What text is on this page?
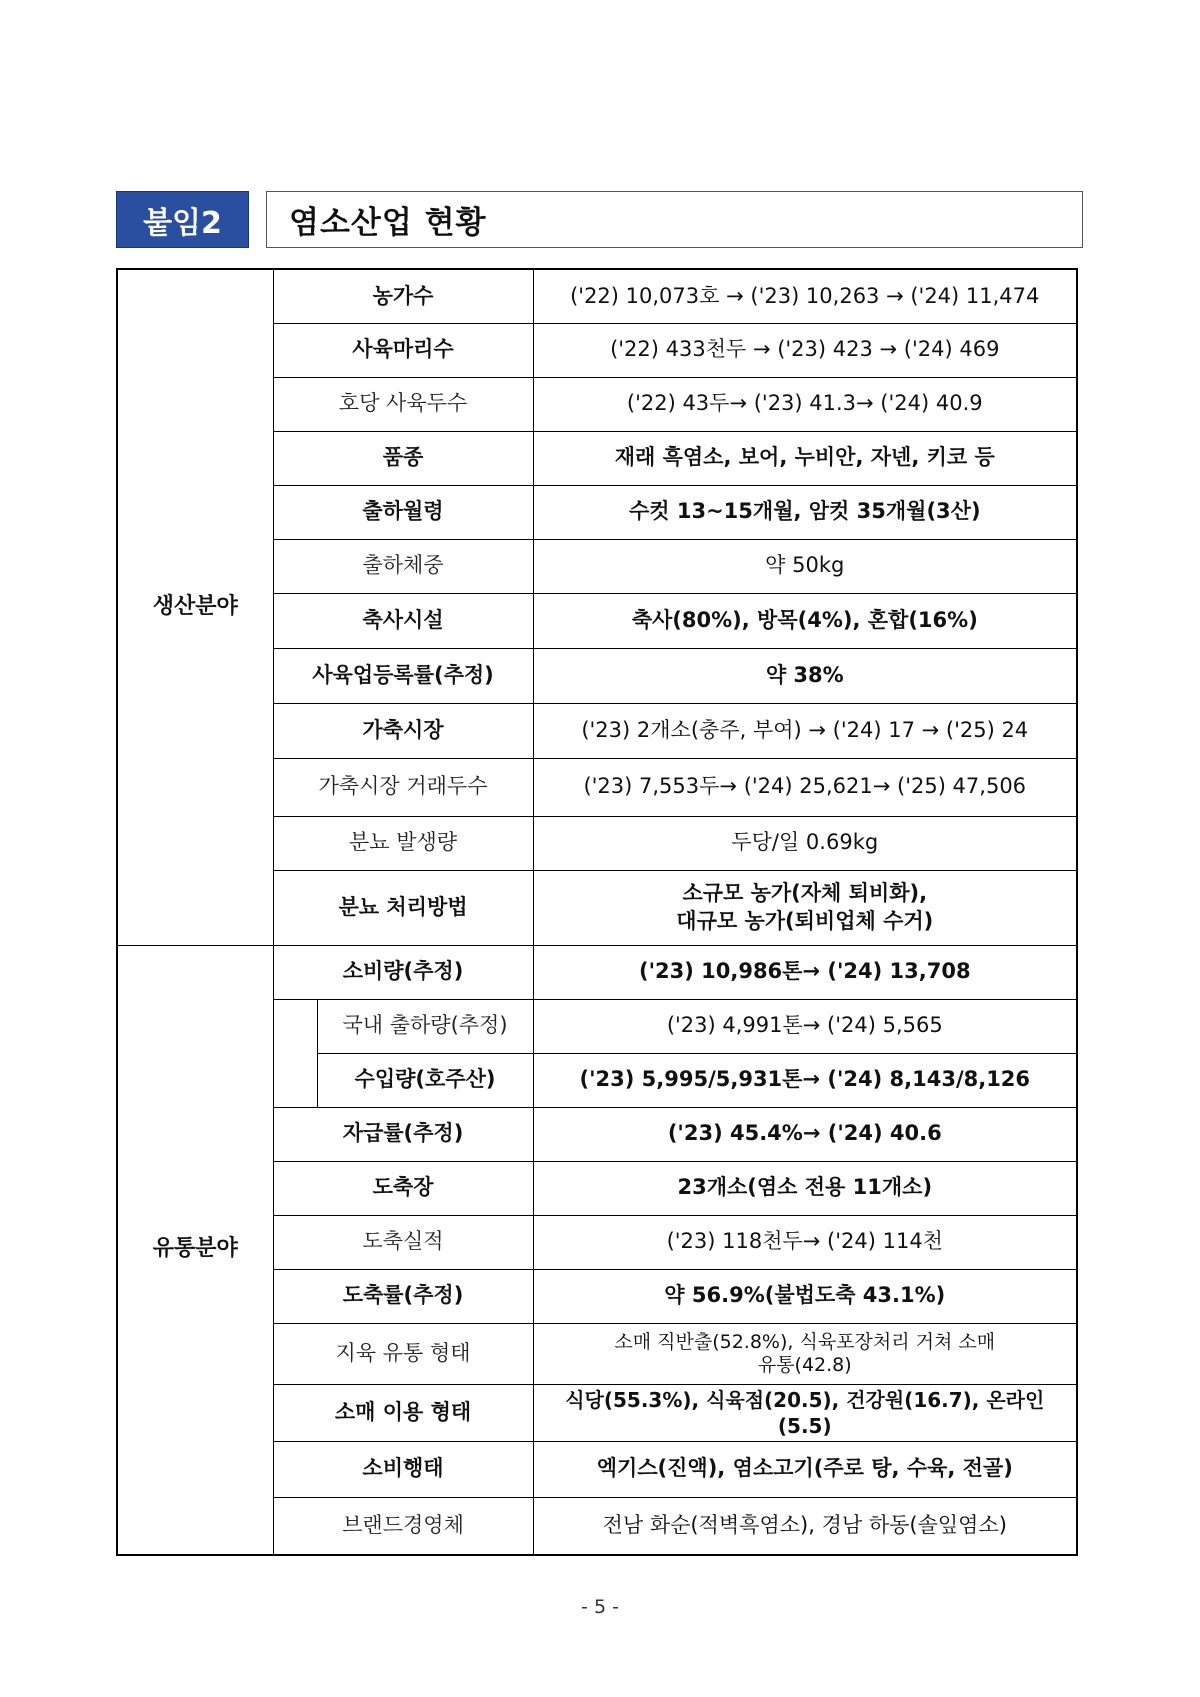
붙임2	염소산업 현황
생산분야	농가수		('22) 10,073호 → ('23) 10,263 → ('24) 11,474
	사육마리수		('22) 433천두 → ('23) 423 → ('24) 469
	호당 사육두수		('22) 43두→ ('23) 41.3→ ('24) 40.9
	품종		재래 흑염소, 보어, 누비안, 자넨, 키코 등
	출하월령		수컷 13~15개월, 암컷 35개월(3산)
	출하체중		약 50kg
	축사시설		축사(80%), 방목(4%), 혼합(16%)
	사육업등록률(추정)		약 38%
	가축시장		('23) 2개소(충주, 부여) → ('24) 17 → ('25) 24
	가축시장 거래두수		('23) 7,553두→ ('24) 25,621→ ('25) 47,506
	분뇨 발생량		두당/일 0.69kg
	분뇨 처리방법		소규모 농가(자체 퇴비화),
대규모 농가(퇴비업체 수거)

유통분야	소비량(추정)		('23) 10,986톤→ ('24) 13,708
		국내 출하량(추정)	('23) 4,991톤→ ('24) 5,565
		수입량(호주산)	('23) 5,995/5,931톤→ ('24) 8,143/8,126
	자급률(추정)		('23) 45.4%→ ('24) 40.6
	도축장		23개소(염소 전용 11개소)
	도축실적		('23) 118천두→ ('24) 114천
	도축률(추정)		약 56.9%(불법도축 43.1%)
	지육 유통 형태		소매 직반출(52.8%), 식육포장처리 거쳐 소매
유통(42.8)

	소매 이용 형태		식당(55.3%), 식육점(20.5), 건강원(16.7), 온라인(5.5)
	소비행태		엑기스(진액), 염소고기(주로 탕, 수육, 전골)
	브랜드경영체		전남 화순(적벽흑염소), 경남 하동(솔잎염소)
- 5 -
